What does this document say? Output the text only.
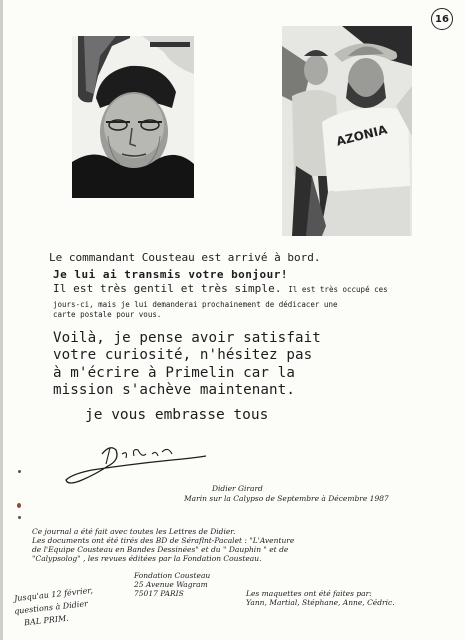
16
AZONIA
Le commandant Cousteau est arrivé à bord.
Je lui ai transmis votre bonjour!
Il est très gentil et très simple. Il est très occupé ces
jours-ci, mais je lui demanderai prochainement de dédicacer une
carte postale pour vous.
Voilà, je pense avoir satisfait
votre curiosité, n'hésitez pas
à m'écrire à Primelin car la
mission s'achève maintenant.
je vous embrasse tous
Didier Girard
Marin sur la Calypso de Septembre à Décembre 1987
Ce journal a été fait avec toutes les Lettres de Didier.
Les documents ont été tirés des BD de Séraflnt-Pacalet : "L'Aventure
de l'Equipe Cousteau en Bandes Dessinées" et du " Dauphin " et de
"Calypsolog" , les revues éditées par la Fondation Cousteau.
Fondation Cousteau
25 Avenue Wagram
75017 PARIS	Les maquettes ont été faites par:
Yann, Martial, Stéphane, Anne, Cédric.
Jusqu'au 12 février,
questions à Didier
BAL PRIM.
